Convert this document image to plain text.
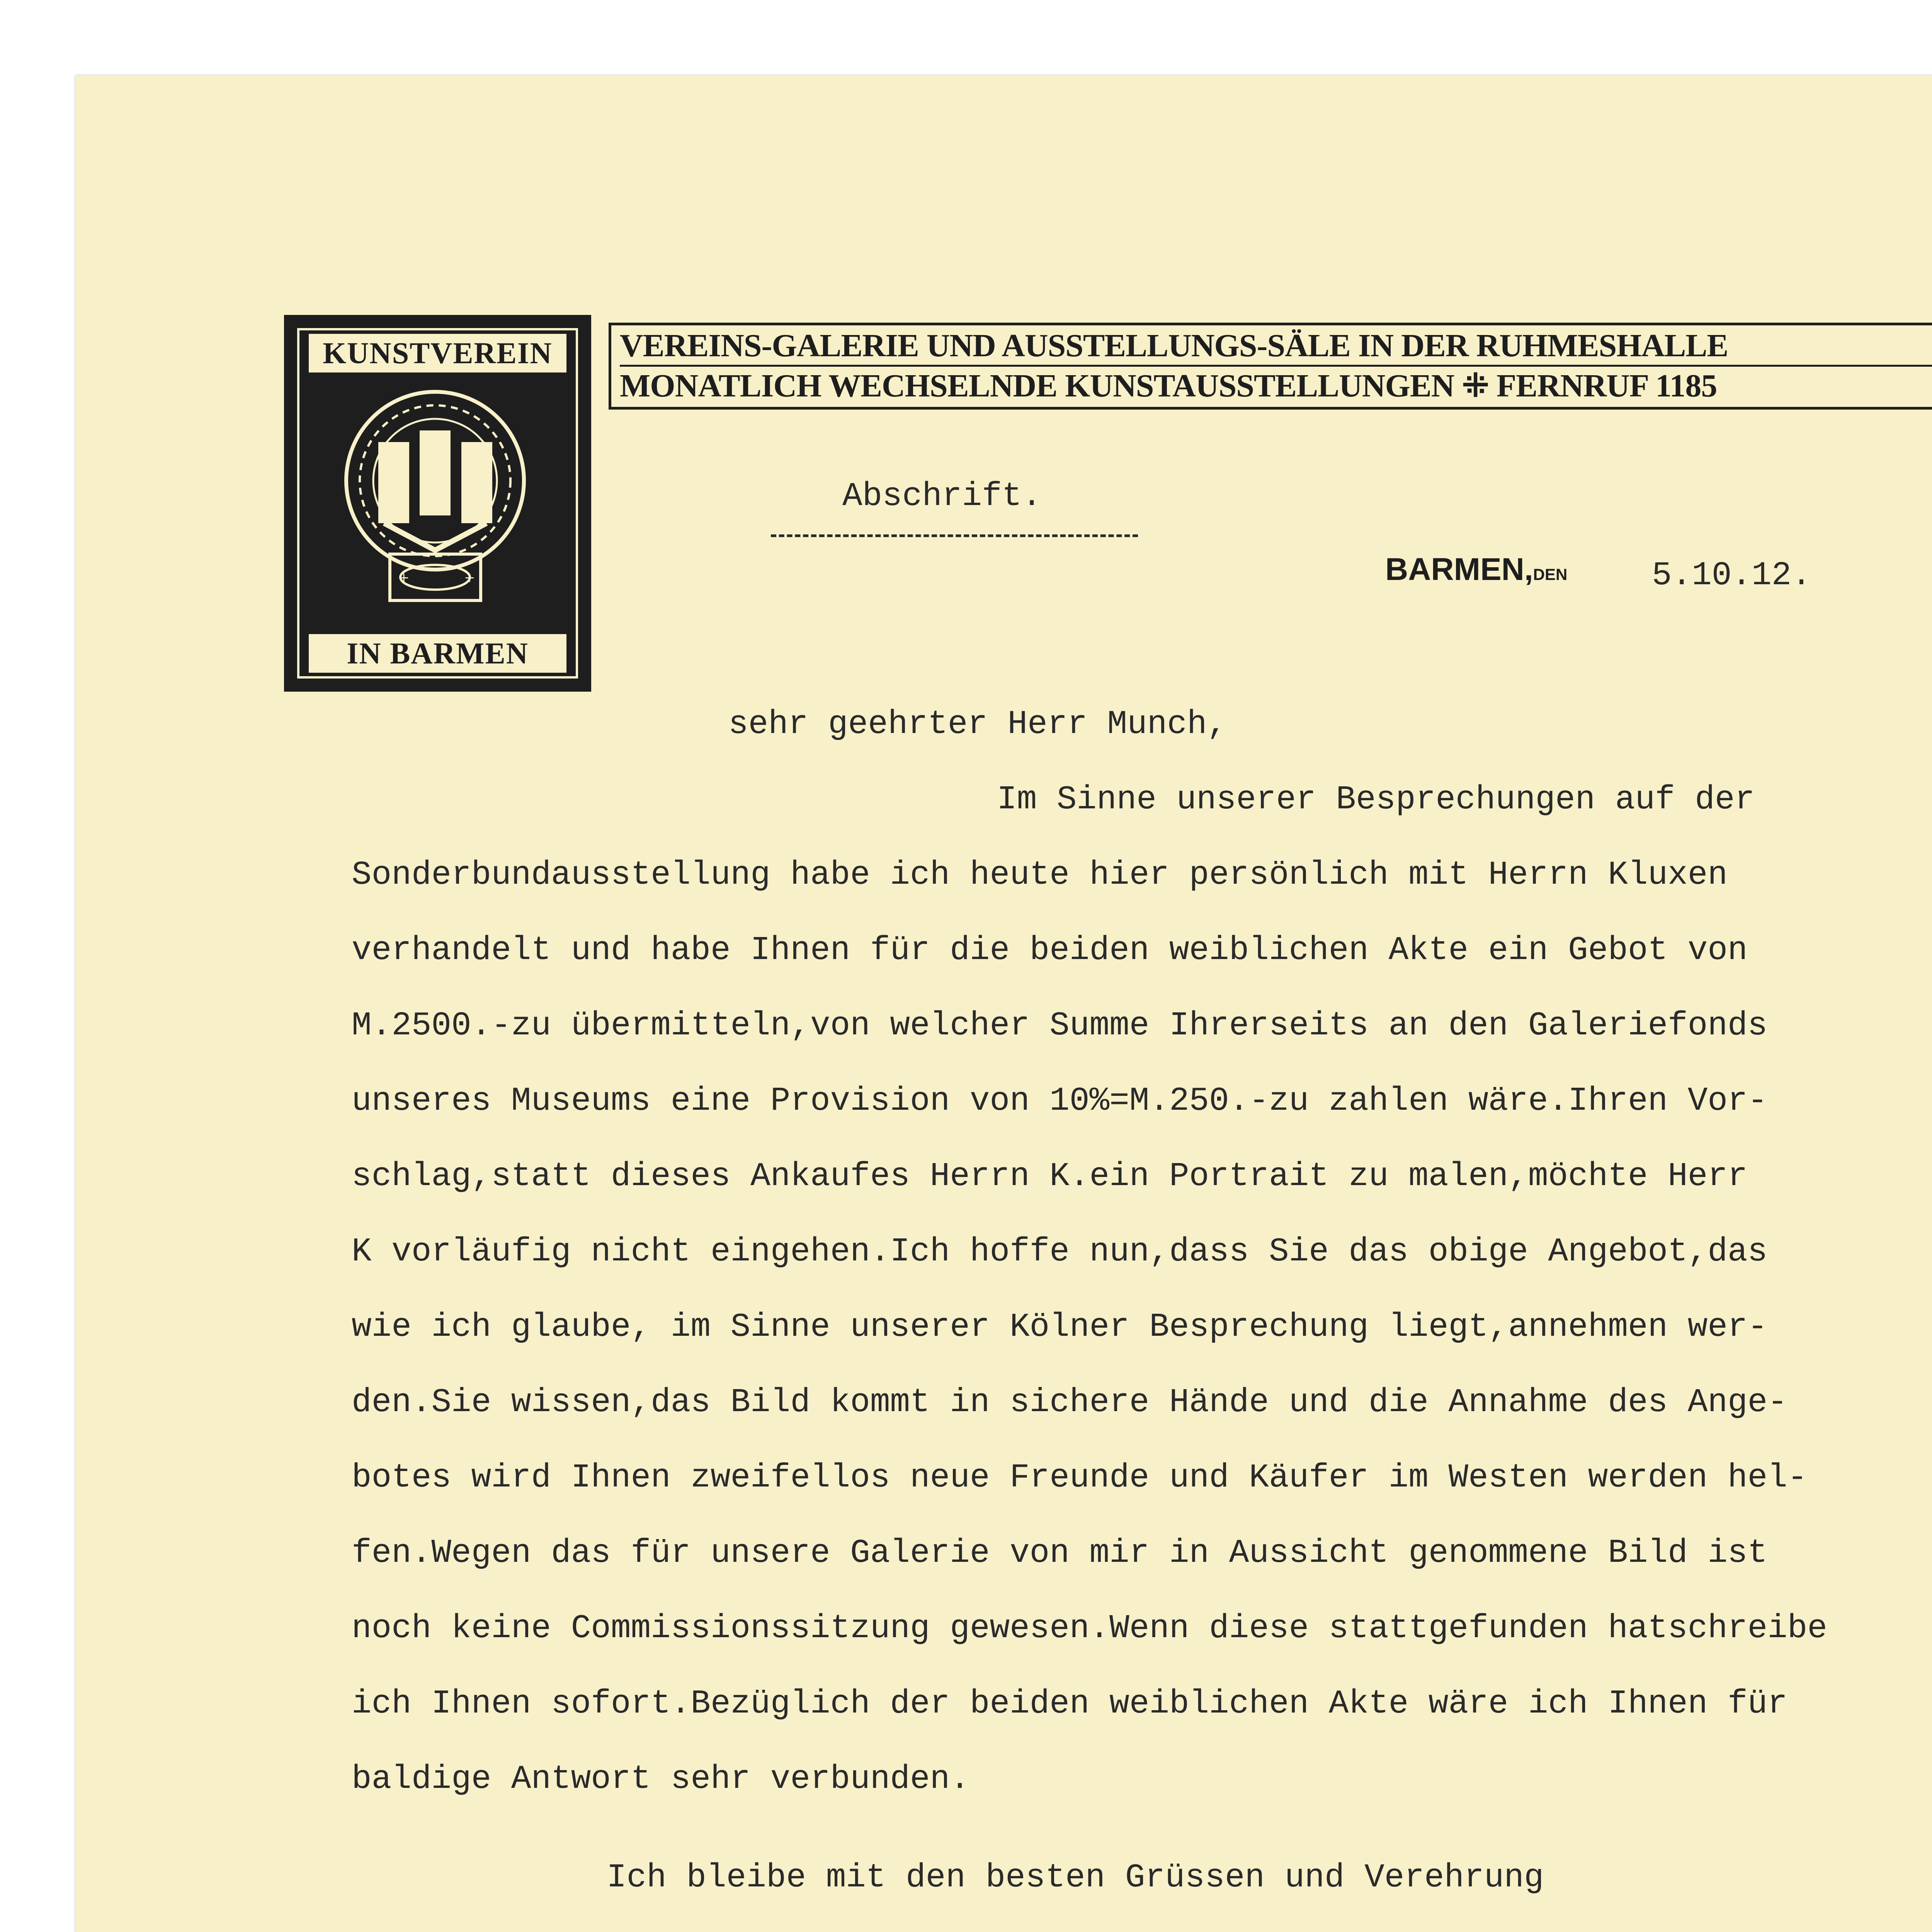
KUNSTVEREIN
+	+
IN BARMEN
VEREINS-GALERIE UND AUSSTELLUNGS-SÄLE IN DER RUHMESHALLE
MONATLICH WECHSELNDE KUNSTAUSSTELLUNGEN ⁜ FERNRUF 1185
Abschrift.
BARMEN,DEN	5.10.12.
sehr geehrter Herr Munch,
Im Sinne unserer Besprechungen auf der
Sonderbundausstellung habe ich heute hier persönlich mit Herrn Kluxen
verhandelt und habe Ihnen für die beiden weiblichen Akte ein Gebot von
M.2500.-zu übermitteln,von welcher Summe Ihrerseits an den Galeriefonds
unseres Museums eine Provision von 10%=M.250.-zu zahlen wäre.Ihren Vor-
schlag,statt dieses Ankaufes Herrn K.ein Portrait zu malen,möchte Herr
K vorläufig nicht eingehen.Ich hoffe nun,dass Sie das obige Angebot,das
wie ich glaube, im Sinne unserer Kölner Besprechung liegt,annehmen wer-
den.Sie wissen,das Bild kommt in sichere Hände und die Annahme des Ange-
botes wird Ihnen zweifellos neue Freunde und Käufer im Westen werden hel-
fen.Wegen das für unsere Galerie von mir in Aussicht genommene Bild ist
noch keine Commissionssitzung gewesen.Wenn diese stattgefunden hatschreibe
ich Ihnen sofort.Bezüglich der beiden weiblichen Akte wäre ich Ihnen für
baldige Antwort sehr verbunden.
Ich bleibe mit den besten Grüssen und Verehrung
